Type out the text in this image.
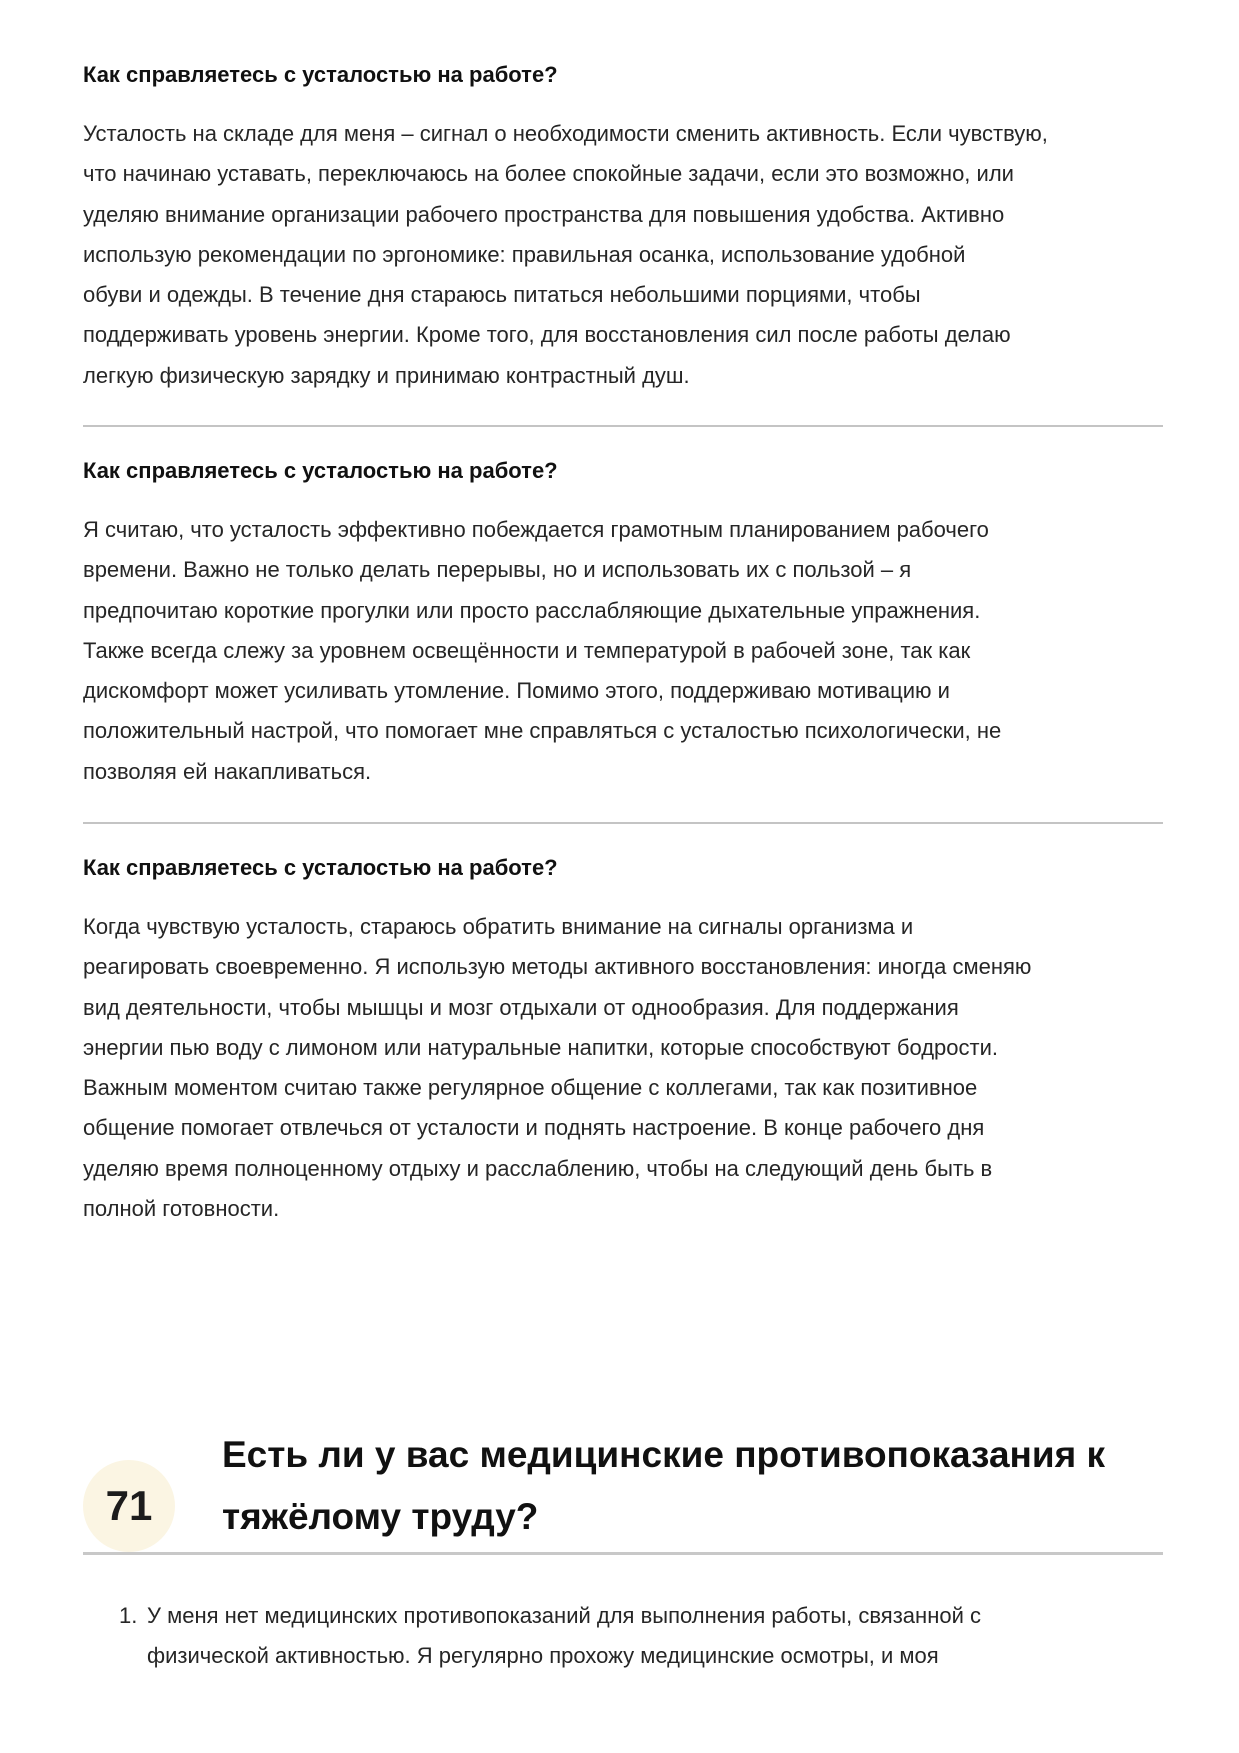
Как справляетесь с усталостью на работе?

Усталость на складе для меня – сигнал о необходимости сменить активность. Если чувствую,
что начинаю уставать, переключаюсь на более спокойные задачи, если это возможно, или
уделяю внимание организации рабочего пространства для повышения удобства. Активно
использую рекомендации по эргономике: правильная осанка, использование удобной
обуви и одежды. В течение дня стараюсь питаться небольшими порциями, чтобы
поддерживать уровень энергии. Кроме того, для восстановления сил после работы делаю
легкую физическую зарядку и принимаю контрастный душ.

Как справляетесь с усталостью на работе?

Я считаю, что усталость эффективно побеждается грамотным планированием рабочего
времени. Важно не только делать перерывы, но и использовать их с пользой – я
предпочитаю короткие прогулки или просто расслабляющие дыхательные упражнения.
Также всегда слежу за уровнем освещённости и температурой в рабочей зоне, так как
дискомфорт может усиливать утомление. Помимо этого, поддерживаю мотивацию и
положительный настрой, что помогает мне справляться с усталостью психологически, не
позволяя ей накапливаться.

Как справляетесь с усталостью на работе?

Когда чувствую усталость, стараюсь обратить внимание на сигналы организма и
реагировать своевременно. Я использую методы активного восстановления: иногда сменяю
вид деятельности, чтобы мышцы и мозг отдыхали от однообразия. Для поддержания
энергии пью воду с лимоном или натуральные напитки, которые способствуют бодрости.
Важным моментом считаю также регулярное общение с коллегами, так как позитивное
общение помогает отвлечься от усталости и поднять настроение. В конце рабочего дня
уделяю время полноценному отдыху и расслаблению, чтобы на следующий день быть в
полной готовности.

71
Есть ли у вас медицинские противопоказания к
тяжёлому труду?
1. У меня нет медицинских противопоказаний для выполнения работы, связанной с
физической активностью. Я регулярно прохожу медицинские осмотры, и моя
